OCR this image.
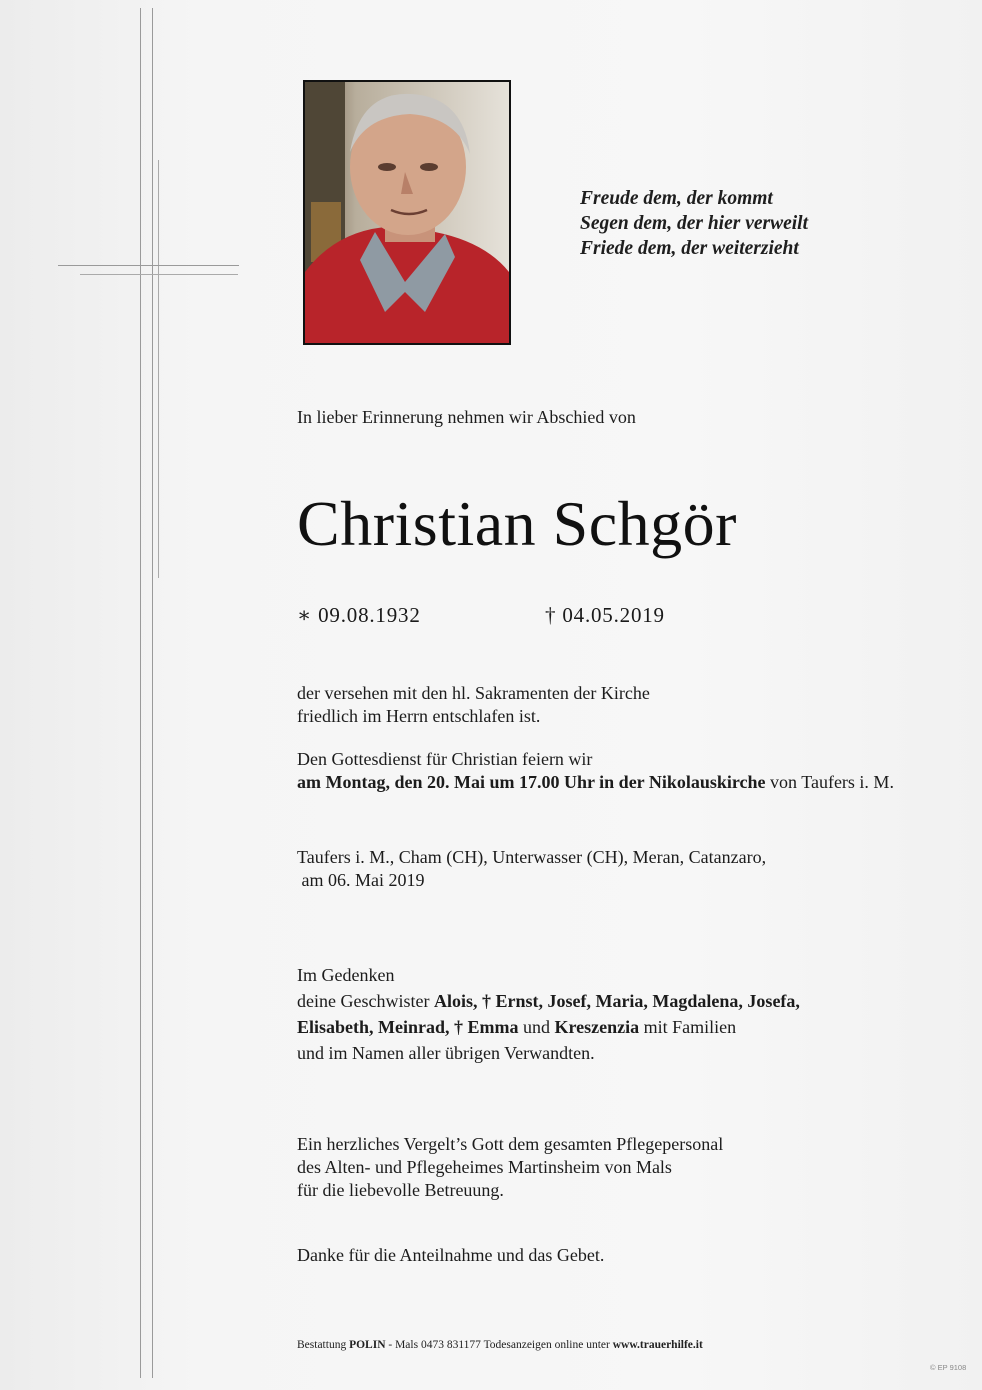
Freude dem, der kommt
Segen dem, der hier verweilt
Friede dem, der weiterzieht
In lieber Erinnerung nehmen wir Abschied von
Christian Schgör
∗ 09.08.1932	† 04.05.2019
der versehen mit den hl. Sakramenten der Kirche
friedlich im Herrn entschlafen ist.
Den Gottesdienst für Christian feiern wir
am Montag, den 20. Mai um 17.00 Uhr in der Nikolauskirche von Taufers i. M.
Taufers i. M., Cham (CH), Unterwasser (CH), Meran, Catanzaro,
am 06. Mai 2019
Im Gedenken
deine Geschwister Alois, † Ernst, Josef, Maria, Magdalena, Josefa,
Elisabeth, Meinrad, † Emma und Kreszenzia mit Familien
und im Namen aller übrigen Verwandten.
Ein herzliches Vergelt’s Gott dem gesamten Pflegepersonal
des Alten- und Pflegeheimes Martinsheim von Mals
für die liebevolle Betreuung.
Danke für die Anteilnahme und das Gebet.
Bestattung POLIN - Mals 0473 831177 Todesanzeigen online unter www.trauerhilfe.it
© EP 9108
